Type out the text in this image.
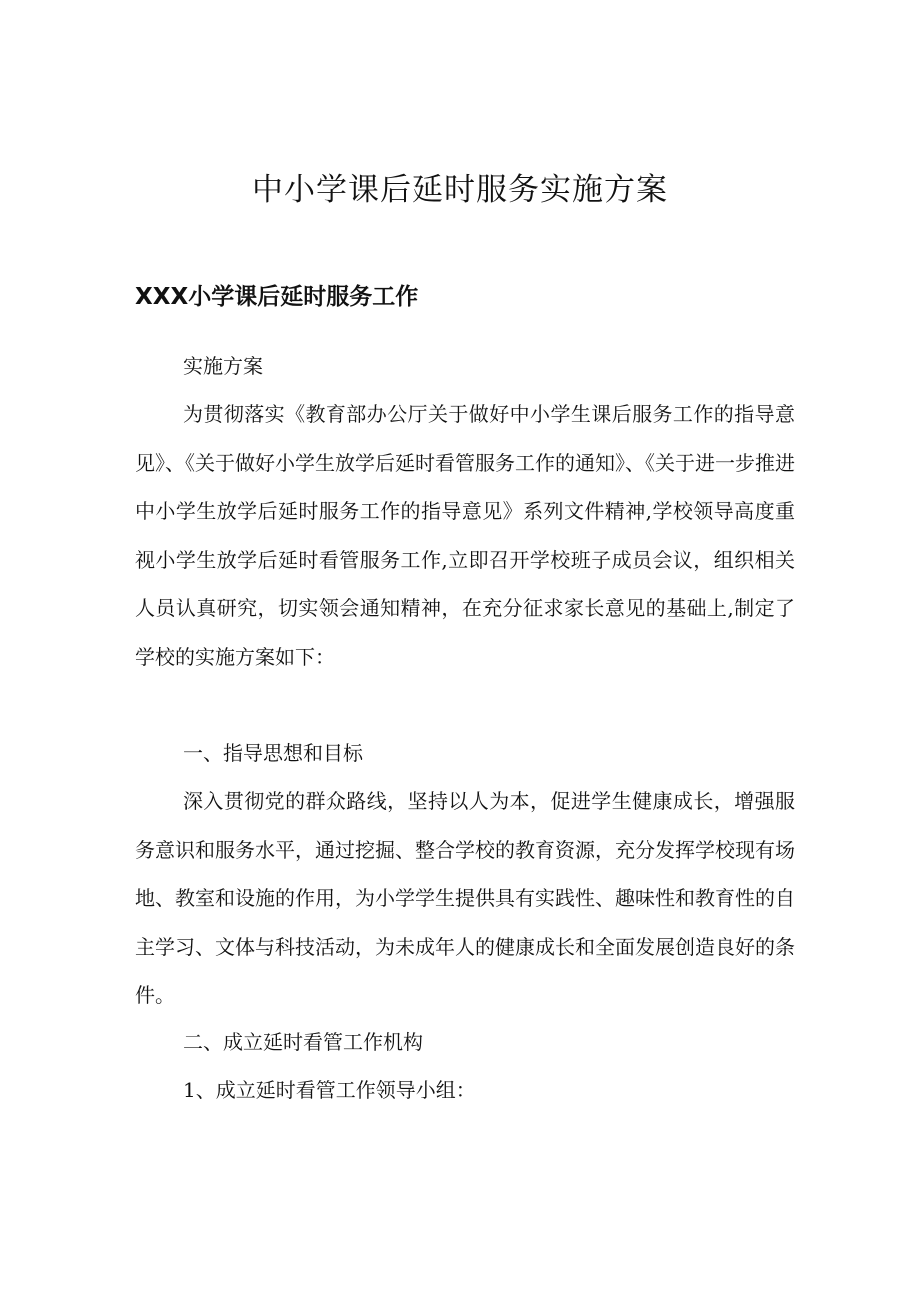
中小学课后延时服务实施方案
XXX小学课后延时服务工作

实施方案

为贯彻落实《教育部办公厅关于做好中小学生课后服务工作的指导意见》、《关于做好小学生放学后延时看管服务工作的通知》、《关于进一步推进中小学生放学后延时服务工作的指导意见》系列文件精神,学校领导高度重视小学生放学后延时看管服务工作,立即召开学校班子成员会议，组织相关人员认真研究，切实领会通知精神，在充分征求家长意见的基础上,制定了学校的实施方案如下：

一、指导思想和目标

深入贯彻党的群众路线，坚持以人为本，促进学生健康成长，增强服务意识和服务水平，通过挖掘、整合学校的教育资源，充分发挥学校现有场地、教室和设施的作用，为小学学生提供具有实践性、趣味性和教育性的自主学习、文体与科技活动，为未成年人的健康成长和全面发展创造良好的条件。

二、成立延时看管工作机构

1、成立延时看管工作领导小组：
